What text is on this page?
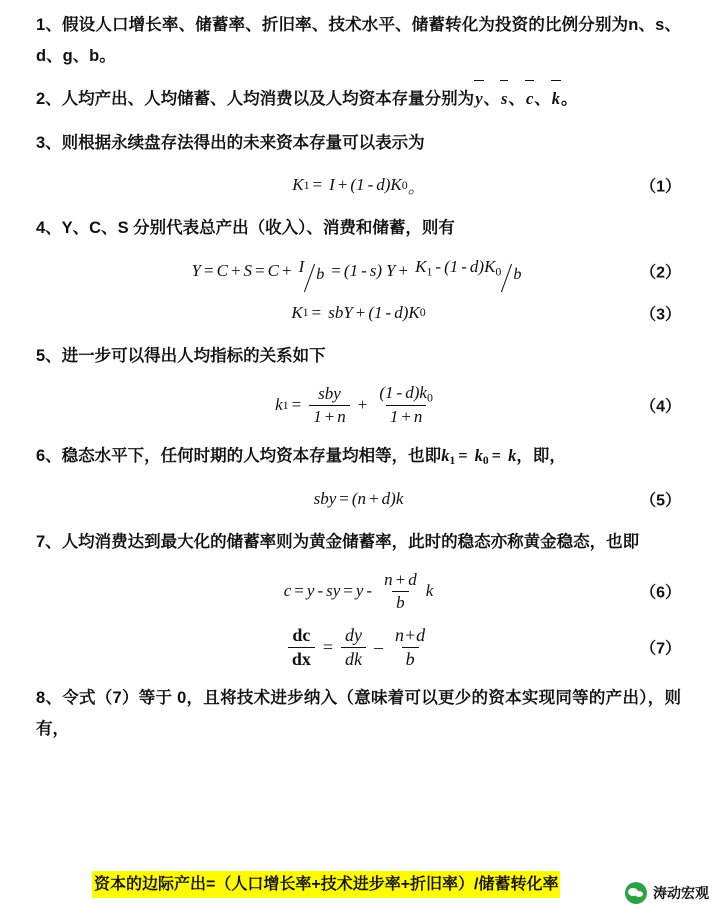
1、假设人口增长率、储蓄率、折旧率、技术水平、储蓄转化为投资的比例分别为n、s、d、g、b。

2、人均产出、人均储蓄、人均消费以及人均资本存量分别为y、s、c、k。

3、则根据永续盘存法得出的未来资本存量可以表示为

K 1 = I + (1 - d)K 0 。	（1）

4、Y、C、S 分别代表总产出（收入）、消费和储蓄，则有

Y = C + S = C + I b = (1 - s) Y + K1 - (1 - d)K0 b	（2）
K 1 = sbY + (1 - d)K 0	（3）

5、进一步可以得出人均指标的关系如下

k $1 = \frac{\text{sby}}{1 + n} + \frac{(1 - d)k0}{1 + n}$	（4）

6、稳态水平下，任何时期的人均资本存量均相等，也即k1 = k0 = k，即，

sby = (n + d)k	（5）

7、人均消费达到最大化的储蓄率则为黄金储蓄率，此时的稳态亦称黄金稳态，也即

c = y - sy = y - $\frac{n + d}{b}$ k	（6）
$\frac{dc}{dx} = \frac{dy}{dk} - \frac{n+d}{b}$	（7）

8、令式（7）等于 0，且将技术进步纳入（意味着可以更少的资本实现同等的产出），则有，

资本的边际产出=（人口增长率+技术进步率+折旧率）/储蓄转化率
涛动宏观
